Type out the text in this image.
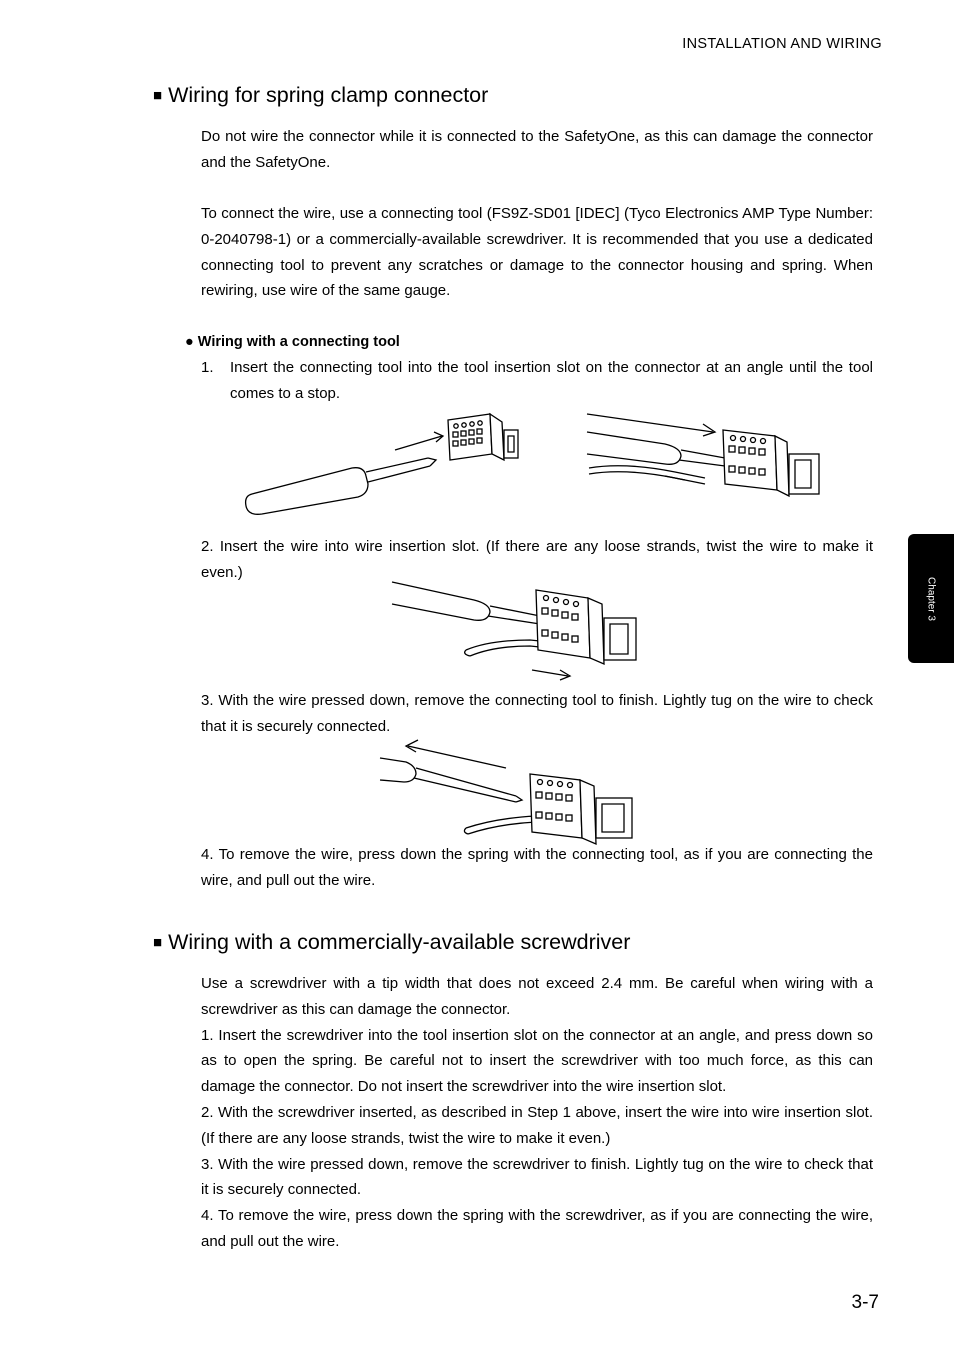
INSTALLATION AND WIRING
Chapter 3
■ Wiring for spring clamp connector
Do not wire the connector while it is connected to the SafetyOne, as this can damage the connector and the SafetyOne.
To connect the wire, use a connecting tool (FS9Z-SD01 [IDEC] (Tyco Electronics AMP Type Number: 0-2040798-1) or a commercially-available screwdriver. It is recommended that you use a dedicated connecting tool to prevent any scratches or damage to the connector housing and spring. When rewiring, use wire of the same gauge.
● Wiring with a connecting tool
1.	Insert the connecting tool into the tool insertion slot on the connector at an angle until the tool comes to a stop.
2. Insert the wire into wire insertion slot. (If there are any loose strands, twist the wire to make it even.)
3. With the wire pressed down, remove the connecting tool to finish. Lightly tug on the wire to check that it is securely connected.
4. To remove the wire, press down the spring with the connecting tool, as if you are connecting the wire, and pull out the wire.
■ Wiring with a commercially-available screwdriver
Use a screwdriver with a tip width that does not exceed 2.4 mm. Be careful when wiring with a screwdriver as this can damage the connector.
1. Insert the screwdriver into the tool insertion slot on the connector at an angle, and press down so as to open the spring. Be careful not to insert the screwdriver with too much force, as this can damage the connector. Do not insert the screwdriver into the wire insertion slot.
2. With the screwdriver inserted, as described in Step 1 above, insert the wire into wire insertion slot. (If there are any loose strands, twist the wire to make it even.)
3. With the wire pressed down, remove the screwdriver to finish. Lightly tug on the wire to check that it is securely connected.
4. To remove the wire, press down the spring with the screwdriver, as if you are connecting the wire, and pull out the wire.
3-7
